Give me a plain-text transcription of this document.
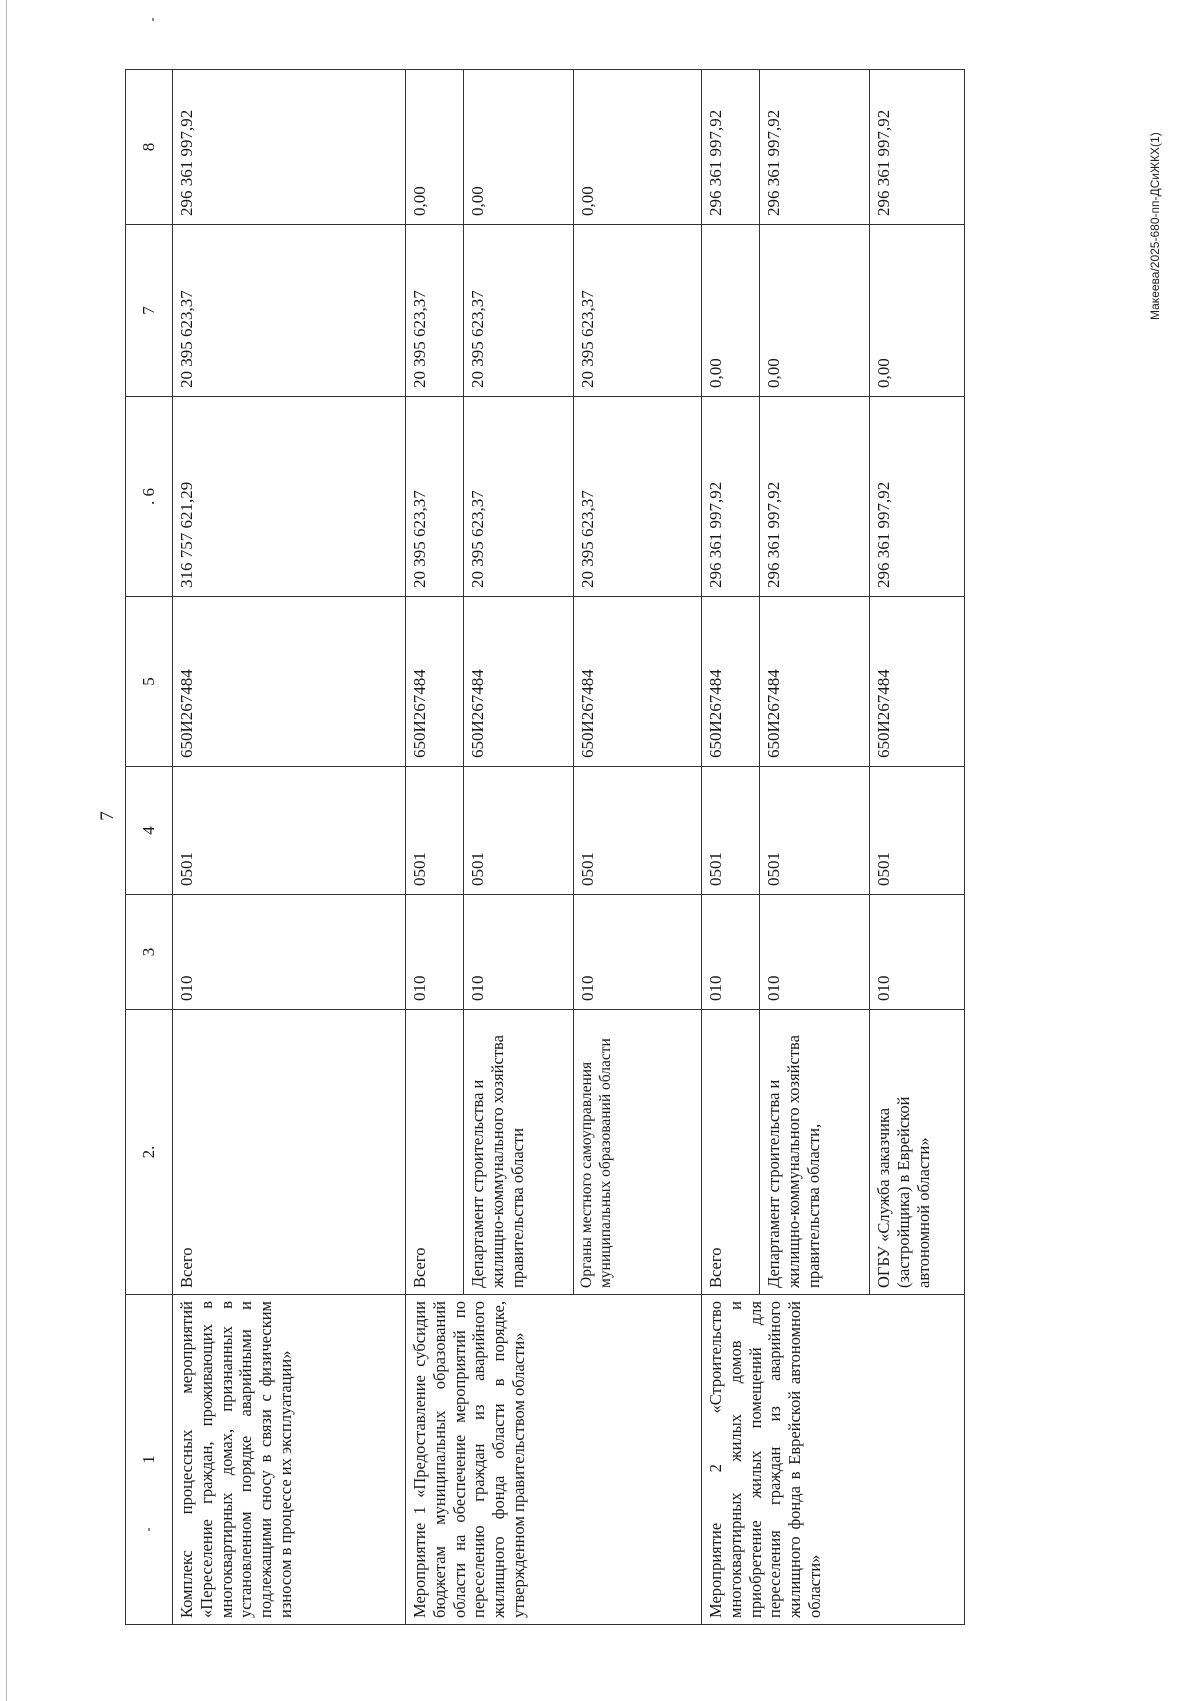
7
Макеева/2025-680-пп-ДСиЖКХ(1)
1	2.	3	4	5	. 6	7	8
Комплекс процессных мероприятий «Переселение граждан, проживающих в многоквартирных домах, признанных в установленном порядке аварийными и подлежащими сносу в связи с физическим износом в процессе их эксплуатации»	Всего	010	0501	650И267484	316 757 621,29	20 395 623,37	296 361 997,92
Мероприятие 1 «Предоставление субсидии бюджетам муниципальных образований области на обеспечение мероприятий по переселению граждан из аварийного жилищного фонда области в порядке, утвержденном правительством области»	Всего	010	0501	650И267484	20 395 623,37	20 395 623,37	0,00
	Департамент строительства и жилищно-коммунального хозяйства правительства области	010	0501	650И267484	20 395 623,37	20 395 623,37	0,00
	Органы местного самоуправления муниципальных образований области	010	0501	650И267484	20 395 623,37	20 395 623,37	0,00
Мероприятие 2 «Строительство многоквартирных жилых домов и приобретение жилых помещений для переселения граждан из аварийного жилищного фонда в Еврейской автономной области»	Всего	010	0501	650И267484	296 361 997,92	0,00	296 361 997,92
	Департамент строительства и жилищно-коммунального хозяйства правительства области,	010	0501	650И267484	296 361 997,92	0,00	296 361 997,92
	ОГБУ «Служба заказчика (застройщика) в Еврейской автономной области»	010	0501	650И267484	296 361 997,92	0,00	296 361 997,92
